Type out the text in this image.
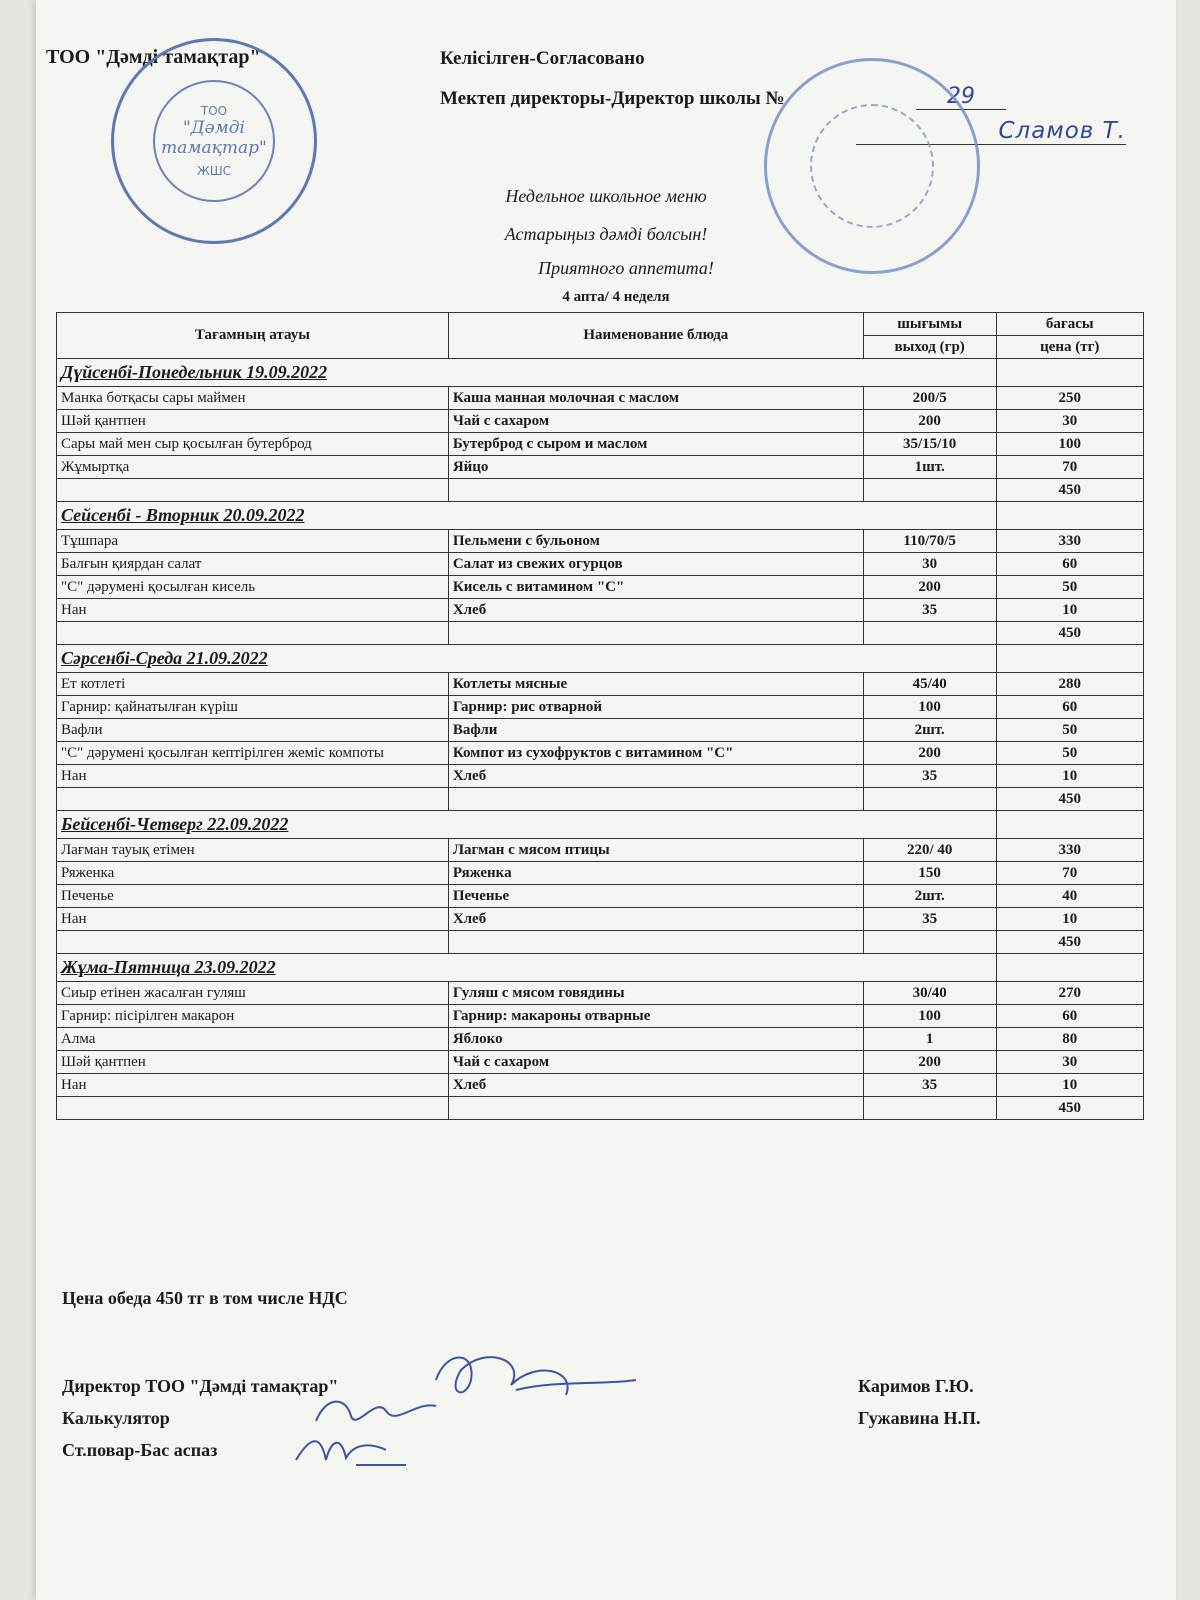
ТОО "Дәмді тамақтар"
ТОО
"Дәмді
тамақтар"
ЖШС
Келісілген-Согласовано
Мектеп директоры-Директор школы №	29
Сламов Т.
Недельное школьное меню
Астарыңыз дәмді болсын!
Приятного аппетита!
4 апта/ 4 неделя
Тағамның атауы	Наименование блюда	шығымы	бағасы
		выход (гр)	цена (тг)
Дүйсенбі-Понедельник 19.09.2022			
Манка ботқасы сары маймен	Каша манная молочная с маслом	200/5	250
Шәй қантпен	Чай с сахаром	200	30
Сары май мен сыр қосылған бутерброд	Бутерброд с сыром и маслом	35/15/10	100
Жұмыртқа	Яйцо	1шт.	70
			450
Сейсенбі - Вторник 20.09.2022			
Тұшпара	Пельмени с бульоном	110/70/5	330
Балғын қиярдан салат	Салат из свежих огурцов	30	60
"С" дәрумені қосылған кисель	Кисель с витамином "С"	200	50
Нан	Хлеб	35	10
			450
Сәрсенбі-Среда 21.09.2022			
Ет котлеті	Котлеты мясные	45/40	280
Гарнир: қайнатылған күріш	Гарнир: рис отварной	100	60
Вафли	Вафли	2шт.	50
"С" дәрумені қосылған кептірілген жеміс компоты	Компот из сухофруктов с витамином "С"	200	50
Нан	Хлеб	35	10
			450
Бейсенбі-Четверг 22.09.2022			
Лағман тауық етімен	Лагман с мясом птицы	220/ 40	330
Ряженка	Ряженка	150	70
Печенье	Печенье	2шт.	40
Нан	Хлеб	35	10
			450
Жұма-Пятница 23.09.2022			
Сиыр етінен жасалған гуляш	Гуляш с мясом говядины	30/40	270
Гарнир: пісірілген макарон	Гарнир: макароны отварные	100	60
Алма	Яблоко	1	80
Шәй қантпен	Чай с сахаром	200	30
Нан	Хлеб	35	10
			450
Цена обеда 450 тг в том числе НДС
Директор ТОО "Дәмді тамақтар"
Калькулятор
Ст.повар-Бас аспаз
Каримов Г.Ю.
Гужавина Н.П.
